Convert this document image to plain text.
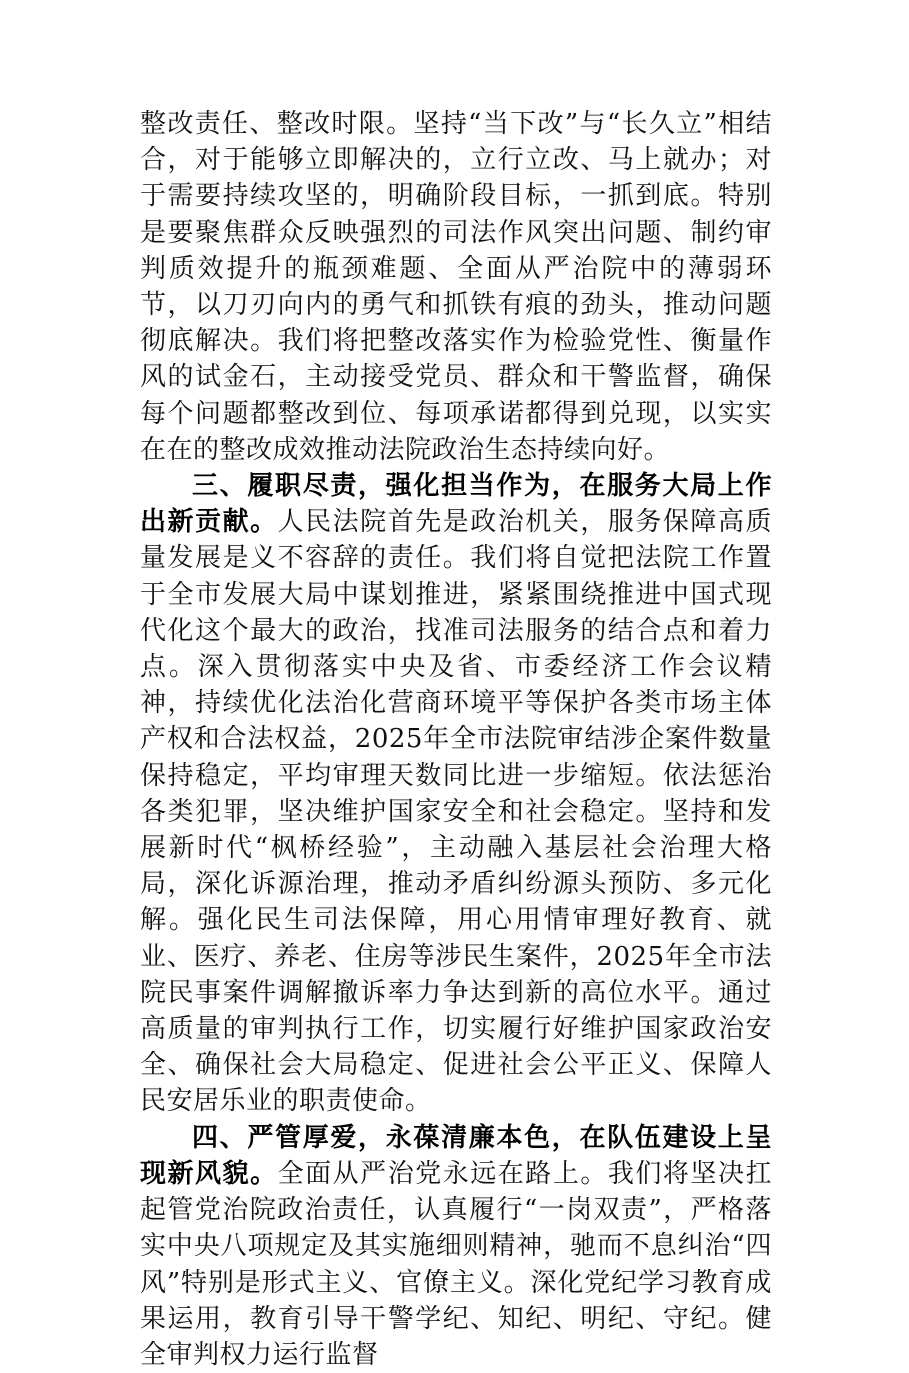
整改责任、整改时限。坚持“当下改”与“长久立”相结合，对于能够立即解决的，立行立改、马上就办；对于需要持续攻坚的，明确阶段目标，一抓到底。特别是要聚焦群众反映强烈的司法作风突出问题、制约审判质效提升的瓶颈难题、全面从严治院中的薄弱环节，以刀刃向内的勇气和抓铁有痕的劲头，推动问题彻底解决。我们将把整改落实作为检验党性、衡量作风的试金石，主动接受党员、群众和干警监督，确保每个问题都整改到位、每项承诺都得到兑现，以实实在在的整改成效推动法院政治生态持续向好。

三、履职尽责，强化担当作为，在服务大局上作出新贡献。人民法院首先是政治机关，服务保障高质量发展是义不容辞的责任。我们将自觉把法院工作置于全市发展大局中谋划推进，紧紧围绕推进中国式现代化这个最大的政治，找准司法服务的结合点和着力点。深入贯彻落实中央及省、市委经济工作会议精神，持续优化法治化营商环境平等保护各类市场主体产权和合法权益，2025年全市法院审结涉企案件数量保持稳定，平均审理天数同比进一步缩短。依法惩治各类犯罪，坚决维护国家安全和社会稳定。坚持和发展新时代“枫桥经验”，主动融入基层社会治理大格局，深化诉源治理，推动矛盾纠纷源头预防、多元化解。强化民生司法保障，用心用情审理好教育、就业、医疗、养老、住房等涉民生案件，2025年全市法院民事案件调解撤诉率力争达到新的高位水平。通过高质量的审判执行工作，切实履行好维护国家政治安全、确保社会大局稳定、促进社会公平正义、保障人民安居乐业的职责使命。

四、严管厚爱，永葆清廉本色，在队伍建设上呈现新风貌。全面从严治党永远在路上。我们将坚决扛起管党治院政治责任，认真履行“一岗双责”，严格落实中央八项规定及其实施细则精神，驰而不息纠治“四风”特别是形式主义、官僚主义。深化党纪学习教育成果运用，教育引导干警学纪、知纪、明纪、守纪。健全审判权力运行监督
